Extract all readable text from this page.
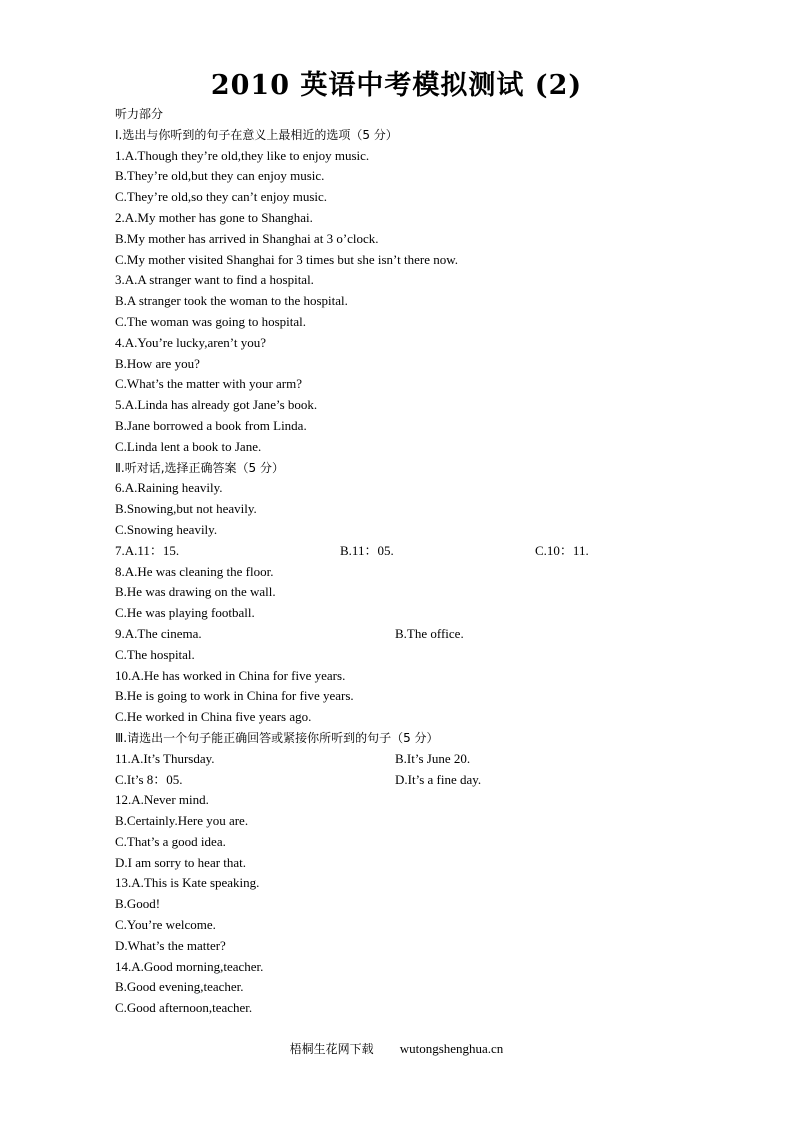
2010 英语中考模拟测试 (2)
听力部分
Ⅰ.选出与你听到的句子在意义上最相近的选项（5 分）
1.A.Though they’re old,they like to enjoy music.
B.They’re old,but they can enjoy music.
C.They’re old,so they can’t enjoy music.
2.A.My mother has gone to Shanghai.
B.My mother has arrived in Shanghai at 3 o’clock.
C.My mother visited Shanghai for 3 times but she isn’t there now.
3.A.A stranger want to find a hospital.
B.A stranger took the woman to the hospital.
C.The woman was going to hospital.
4.A.You’re lucky,aren’t you?
B.How are you?
C.What’s the matter with your arm?
5.A.Linda has already got Jane’s book.
B.Jane borrowed a book from Linda.
C.Linda lent a book to Jane.
Ⅱ.听对话,选择正确答案（5 分）
6.A.Raining heavily.
B.Snowing,but not heavily.
C.Snowing heavily.
7.A.11：15.	B.11：05.	C.10：11.
8.A.He was cleaning the floor.
B.He was drawing on the wall.
C.He was playing football.
9.A.The cinema.	B.The office.
C.The hospital.
10.A.He has worked in China for five years.
B.He is going to work in China for five years.
C.He worked in China five years ago.
Ⅲ.请选出一个句子能正确回答或紧接你所听到的句子（5 分）
11.A.It’s Thursday.	B.It’s June 20.
C.It’s 8：05.	D.It’s a fine day.
12.A.Never mind.
B.Certainly.Here you are.
C.That’s a good idea.
D.I am sorry to hear that.
13.A.This is Kate speaking.
B.Good!
C.You’re welcome.
D.What’s the matter?
14.A.Good morning,teacher.
B.Good evening,teacher.
C.Good afternoon,teacher.
梧桐生花网下载 wutongshenghua.cn
